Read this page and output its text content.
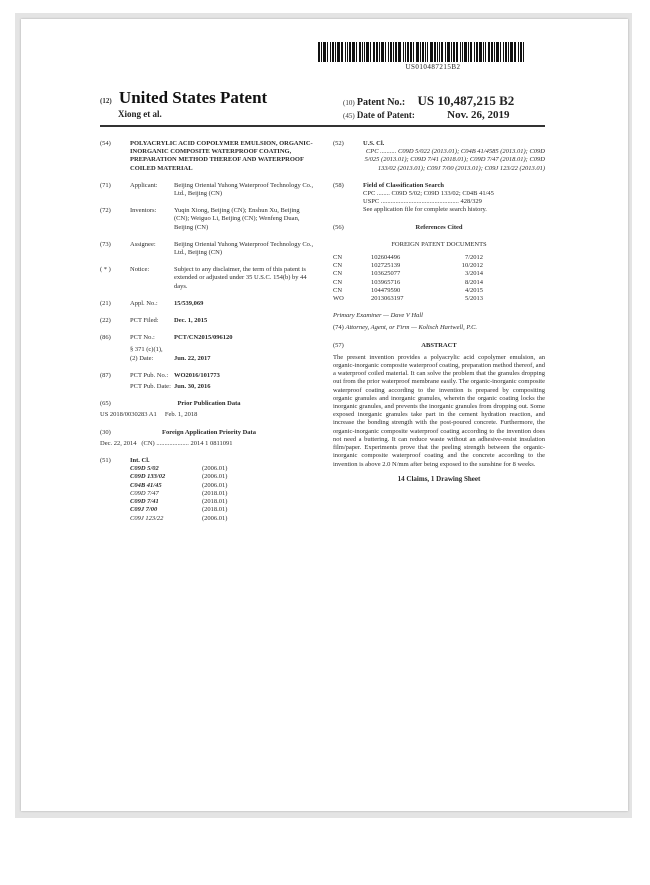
US010487215B2
(12) United States Patent
Xiong et al.
(10) Patent No.: US 10,487,215 B2
(45) Date of Patent:	Nov. 26, 2019
(54)	POLYACRYLIC ACID COPOLYMER EMULSION, ORGANIC-INORGANIC COMPOSITE WATERPROOF COATING, PREPARATION METHOD THEREOF AND WATERPROOF COILED MATERIAL
(71)	Applicant:	Beijing Oriental Yuhong Waterproof Technology Co., Ltd., Beijing (CN)
(72)	Inventors:	Yuqin Xiong, Beijing (CN); Enshun Xu, Beijing (CN); Weiguo Li, Beijing (CN); Wenfeng Duan, Beijing (CN)
(73)	Assignee:	Beijing Oriental Yuhong Waterproof Technology Co., Ltd., Beijing (CN)
( * )	Notice:	Subject to any disclaimer, the term of this patent is extended or adjusted under 35 U.S.C. 154(b) by 44 days.
(21)	Appl. No.:	15/539,069
(22)	PCT Filed: Dec. 1, 2015
(86)	PCT No.:	PCT/CN2015/096120
§ 371 (c)(1),
(2) Date:	Jun. 22, 2017
(87)	PCT Pub. No.: WO2016/101773
PCT Pub. Date: Jun. 30, 2016
(65)	Prior Publication Data
US 2018/0030283 A1     Feb. 1, 2018
(30)	Foreign Application Priority Data
Dec. 22, 2014   (CN) .................... 2014 1 0811091
(51)	Int. Cl.
C09D 5/02	(2006.01)
C09D 133/02	(2006.01)
C04B 41/45	(2006.01)
C09D 7/47	(2018.01)
C09D 7/41	(2018.01)
C09J 7/00	(2018.01)
C09J 123/22	(2006.01)
(52)	U.S. Cl.
CPC .......... C09D 5/022 (2013.01); C04B 41/4585 (2013.01); C09D 5/025 (2013.01); C09D 7/41 (2018.01); C09D 7/47 (2018.01); C09D 133/02 (2013.01); C09J 7/00 (2013.01); C09J 123/22 (2013.01)
(58)	Field of Classification Search
CPC ........ C09D 5/02; C09D 133/02; C04B 41/45
USPC ................................................ 428/329
See application file for complete search history.
(56)	References Cited
FOREIGN PATENT DOCUMENTS
CN	102604496	7/2012
CN	102725139	10/2012
CN	103625077	3/2014
CN	103965716	8/2014
CN	104479590	4/2015
WO	2013063197	5/2013
Primary Examiner — Dave V Hall
(74) Attorney, Agent, or Firm — Kolisch Hartwell, P.C.
(57)	ABSTRACT
The present invention provides a polyacrylic acid copolymer emulsion, an organic-inorganic composite waterproof coating, preparation method thereof, and a waterproof coiled material. It can solve the problem that the granules dropping out from the prior waterproof membrane easily. The organic-inorganic composite waterproof coating according to the invention is prepared by compositing organic granules and inorganic granules, wherein the organic coating locks the inorganic granules, and prevents the inorganic granules from dropping out. Some exposed inorganic granules take part in the cement hydration reaction, and increase the bonding strength with the post-poured concrete. Furthermore, the organic-inorganic composite waterproof coating according to the invention does not need a buttering. It can reduce waste without an adhesive-resist insulation film/paper. Experiments prove that the peeling strength between the organic-inorganic composite waterproof coating and the concrete according to the invention is above 2.0 N/mm after being exposed to the sunshine for 8 weeks.
14 Claims, 1 Drawing Sheet
